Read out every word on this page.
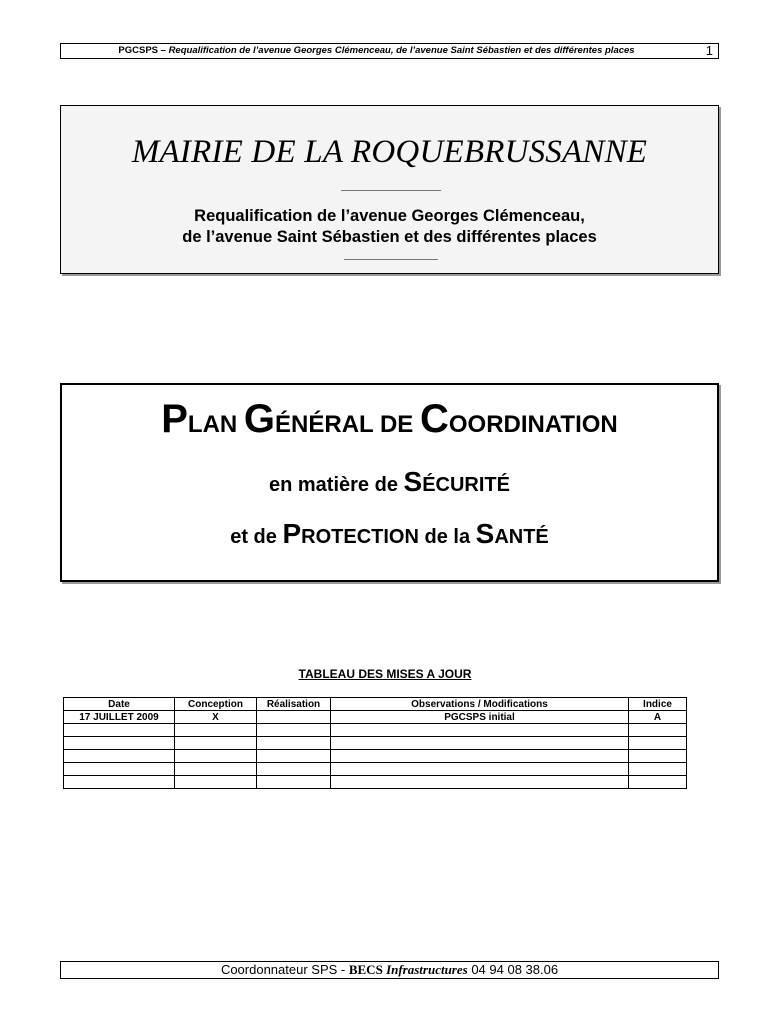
PGCSPS – Requalification de l’avenue Georges Clémenceau, de l’avenue Saint Sébastien et des différentes places	1
MAIRIE DE LA ROQUEBRUSSANNE
Requalification de l’avenue Georges Clémenceau,
de l’avenue Saint Sébastien et des différentes places
PLAN GÉNÉRAL DE COORDINATION
en matière de SÉCURITÉ
et de PROTECTION de la SANTÉ
TABLEAU DES MISES A JOUR
Date	Conception	Réalisation	Observations / Modifications	Indice
17 JUILLET 2009	X		PGCSPS initial	A

Coordonnateur SPS - BECS Infrastructures 04 94 08 38.06
